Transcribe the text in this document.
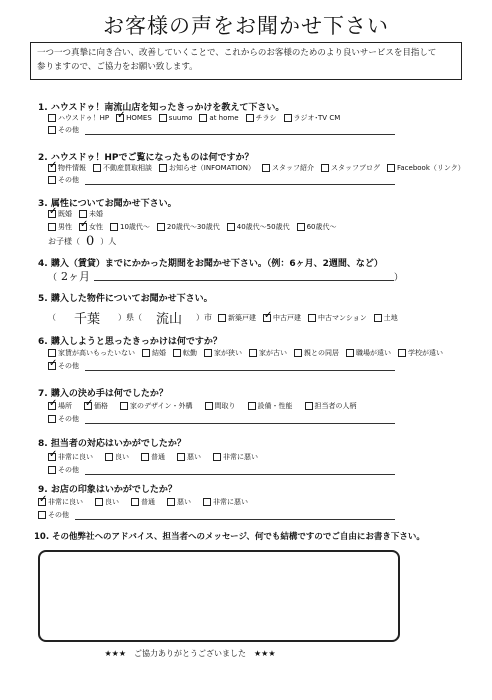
お客様の声をお聞かせ下さい
一つ一つ真摯に向き合い、改善していくことで、これからのお客様のためのより良いサービスを目指して
参りますので、ご協力をお願い致します。
1. ハウスドゥ！南流山店を知ったきっかけを教えて下さい。
ハウスドゥ！HP ✓ HOMES suumo at home チラシ ラジオ･TV CM
その他
2. ハウスドゥ！HPでご覧になったものは何ですか？
✓
物件情報 不動産買取相談 お知らせ（INFOMATION） スタッフ紹介 スタッフブログ Facebook（リンク）
その他
3. 属性についてお聞かせ下さい。
✓
既婚 未婚
男性 ✓ 女性 10歳代～ 20歳代～30歳代 40歳代～50歳代 60歳代～
お子様（ 0 ）人
4. 購入（賃貸）までにかかった期間をお聞かせ下さい。（例：6ヶ月、2週間、など）
（ 2ヶ月	）
5. 購入した物件についてお聞かせ下さい。
（ 千葉 ）県（ 流山 ）市 新築戸建 ✓ 中古戸建 中古マンション 土地
6. 購入しようと思ったきっかけは何ですか？
家賃が高いもったいない 結婚 転勤 家が狭い 家が古い 親との同居 職場が遠い 学校が遠い
✓
その他
7. 購入の決め手は何でしたか？
✓
場所 ✓	価格	家のデザイン・外構	間取り	設備・性能	担当者の人柄
その他
8. 担当者の対応はいかがでしたか？
✓
非常に良い	良い	普通	悪い	非常に悪い
その他
9. お店の印象はいかがでしたか？
✓
非常に良い	良い	普通	悪い	非常に悪い
その他
10. その他弊社へのアドバイス、担当者へのメッセージ、何でも結構ですのでご自由にお書き下さい。
★★★　ご協力ありがとうございました　★★★
